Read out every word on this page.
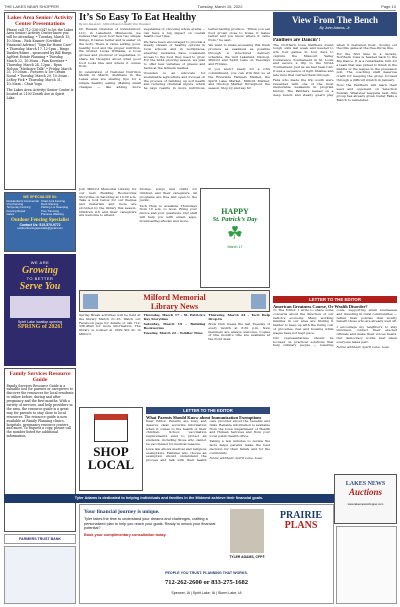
THE LAKES NEAR SHOPPER	Tuesday, March 15, 2022	Page 10
Lakes Area Senior/ Activity Center Presentations
Please call 712-336-5347 to let the Lakes Area Senior/ Activity Center know you will be attending. • Tuesday, March 15, 10:30am – Rick Kramer (Certified Financial Advisor) “Sign for Home Care” • Thursday, March 17, 12-1pm – Bingo Dauber/Mixer – sponsored by Bill Burge, AgWest Estate Planning • Tuesday, March 22, 10:30am – Pam Koestner • Thursday, March 24, 12pm – Ryan Nelson “Medicare Talk” • Friday, March 25, 10:30am – Pictures & Ice Cream Social • Tuesday, March 29, 10:30am – LeRoy Pick • Thursday, March 31, 10:30am – Chair Yoga
The Lakes Area Activity/ Senior Center is located at 2100 Zenith Ave in Spirit Lake.
WE SPECIALIZE IN:
Residential & Commercial
Vinyl Fencing
Temporary Fencing
Fencing Repair
Gates
Chain Link Fencing
Deck Staining
Parking Lot Sweeping
Tree Trimming
Pressure Washing
Outdoor Fencing Specialist
Contact Us: 515-570-9772
outdoorfencingspecialist@gmail.com
WE ARE
Growing
TO BETTER
Serve You
Spirit Lake location opening
SPRING of 2026!
Family Services Resource Guide
Family Services Resource Guide is a valuable tool for parents or caregivers to discover the resources for local residents to utilize before, during and after pregnancy and the first months. With a variety of services, and help providers in the area, the resource guide is a great way for parents to stay close to local resources. The resource guide is now available at Family Planning clinics, hospitals, pregnancy resource centers and more. To request a copy, please call the number listed for additional information.
FARMERS TRUST BANK
It’s So Easy To Eat Healthy
By Ann DeLarock · Milford Board of Health Vice President

Dr. Russell Ovenden of Ovendentour LLC, in Lakefield, Minnesota, we believe that good food face two simple things. It tastes better and is easier on the body. There is value adding good, healthy food and the proper nutrition. We invited Lucas Williams, a local grower and producer of vegetables, to share his thoughts about what good food looks like and where it comes from.

In celebration of National Nutrition Month in March, dietitians in the Lakes area are sharing tips for a simple healthy eating. Making small changes — like adding more vegetables or choosing whole grains — can have a big impact on overall health over time.

We have been encouraged to provide a steady stream of healthy options in local schools and in workplaces, ensuring residents have consistent access to the food they need to grow. For the 2024 growing season, we plan to offer new varieties of greens and herbs at the farmers market.

Ovenden is an advocate for sustainable agriculture and focuses on the process of building up soil health and reducing chemical inputs, which he says results in more nutritious, better-tasting produce. “When you eat food grown close to home, it tastes better and you know where it came from,” he said.

We want to make accessing this fresh produce as seamless as possible through a structured delivery schedule. We visit Lakefield, Okoboji, Milford and Spirit Lake on Tuesdays and Fridays.

If you aren’t ready for a CSA commitment, you can still find us at the Riverside Farmers Market, the Spirit Lake Market, Milford Market, and Okoboji Market throughout the season. Stop by and say hi!

Milford Memorial
Library News

Join Milford Memorial Library for our next Building Bookworms Storytime on Saturday at 10:30 a.m. Take a look below for our themes and materials and more are provided by the library this season. Children 0-6 and their caregivers are welcome to attend.

Stories, songs and crafts for children and their caregivers. All programs are free and open to the public.

Tech Help is available Thursdays from 10 a.m. to noon. Bring your device and your questions. Our staff will help you with email, apps, downloading eBooks and more.

HAPPY
St. Patrick’s Day
☘
March 17

Spring Break activities will be held at the library March 21–25. Watch our Facebook page for details or call 712-338-4643 for more information. The library is located at 1009 9th St. in Milford.

Thursday, March 17 – St. Patrick’s Day Storytime

Saturday, March 19 – Building Bookworms

Tuesday, March 22 – Toddler Time

Thursday, March 24 – Tech Help Drop-In

Book Club meets the last Tuesday of every month at 6:30 p.m. New members are always welcome. Copies of this month’s title are available at the front desk.

SHOP
LOCAL
LETTER TO THE EDITOR
What Parents Should Know about Immunization Exemptions

Dear Editor, Parents are busy and deserve clear, accurate information when it comes to the health of their children. School vaccination requirements exist to protect all students, including those who cannot be vaccinated for medical reasons.

Iowa law allows medical and religious exemptions. Families who choose an exemption should understand the process and talk with their health care provider about the benefits and risks. Reliable information is available from the Iowa Department of Health and Human Services and from your local public health office.

Taking a few minutes to review the facts helps parents make the best decision for their family and for the community.

Name withheld, Spirit Lake, Iowa

View From The Bench
By John Adams, Jr.
Panthers are Dancin’!

The Northern Iowa Panthers found tough odds last week and needed to win four games in four days to capture the Missouri Valley Conference Tournament in St. Louis and secure a trip to the NCAA Tournament. Just as we had been told, it was a sequence of tight finishes and late runs that carried them through.

Fans who made the trip south were rewarded with one of the most memorable weekends in program history. The Panthers leaned on a deep bench and steady guard play when it mattered most, closing out the title game at the free-throw line.

For the first time in a decade, Northern Iowa is headed back to the Big Dance. It is a remarkable turn for a team that was picked to finish in the middle of the league in the preseason poll. The coaching staff deserves credit for keeping the group focused through a difficult stretch in January.

Now the Panthers will learn their seed and opponent on Selection Sunday. Whatever happens next, this group has already given Cedar Falls a March to remember.

LETTER TO THE EDITOR
American Greatness Course, Or Wealth Disorder?

To The Editor: I write to share some concerns about the direction of our nation’s economy. Many working families in our area are finding it harder to keep up with the rising cost of groceries, fuel and housing while wages have not kept pace.

Our representatives should be focused on practical solutions that help ordinary people — lowering costs, supporting small businesses and investing in rural communities — rather than policies that mostly benefit those who are already well off.

I encourage my neighbors to stay informed, contact their elected officials and make their voices heard. Our democracy works best when everyone takes part.

Name withheld, Spirit Lake, Iowa

LAKES NEWS
Auctions
www.lakesnewsshopper.com
Tyler Adams is dedicated to helping individuals and families in the Midwest achieve their financial goals.
Your financial journey is unique.
Tyler takes the time to understand your dreams and challenges, crafting a personalized plan to help you reach your goals. Ready to unlock your financial potential?
Book your complimentary consultation today.
TYLER ADAMS, CFP®
PRAIRIE
PLANS
PEOPLE YOU TRUST. PLANNING THAT WORKS.
712-262-2600 or 833-275-1682
Spencer, IA | Spirit Lake, IA | Storm Lake, IA
